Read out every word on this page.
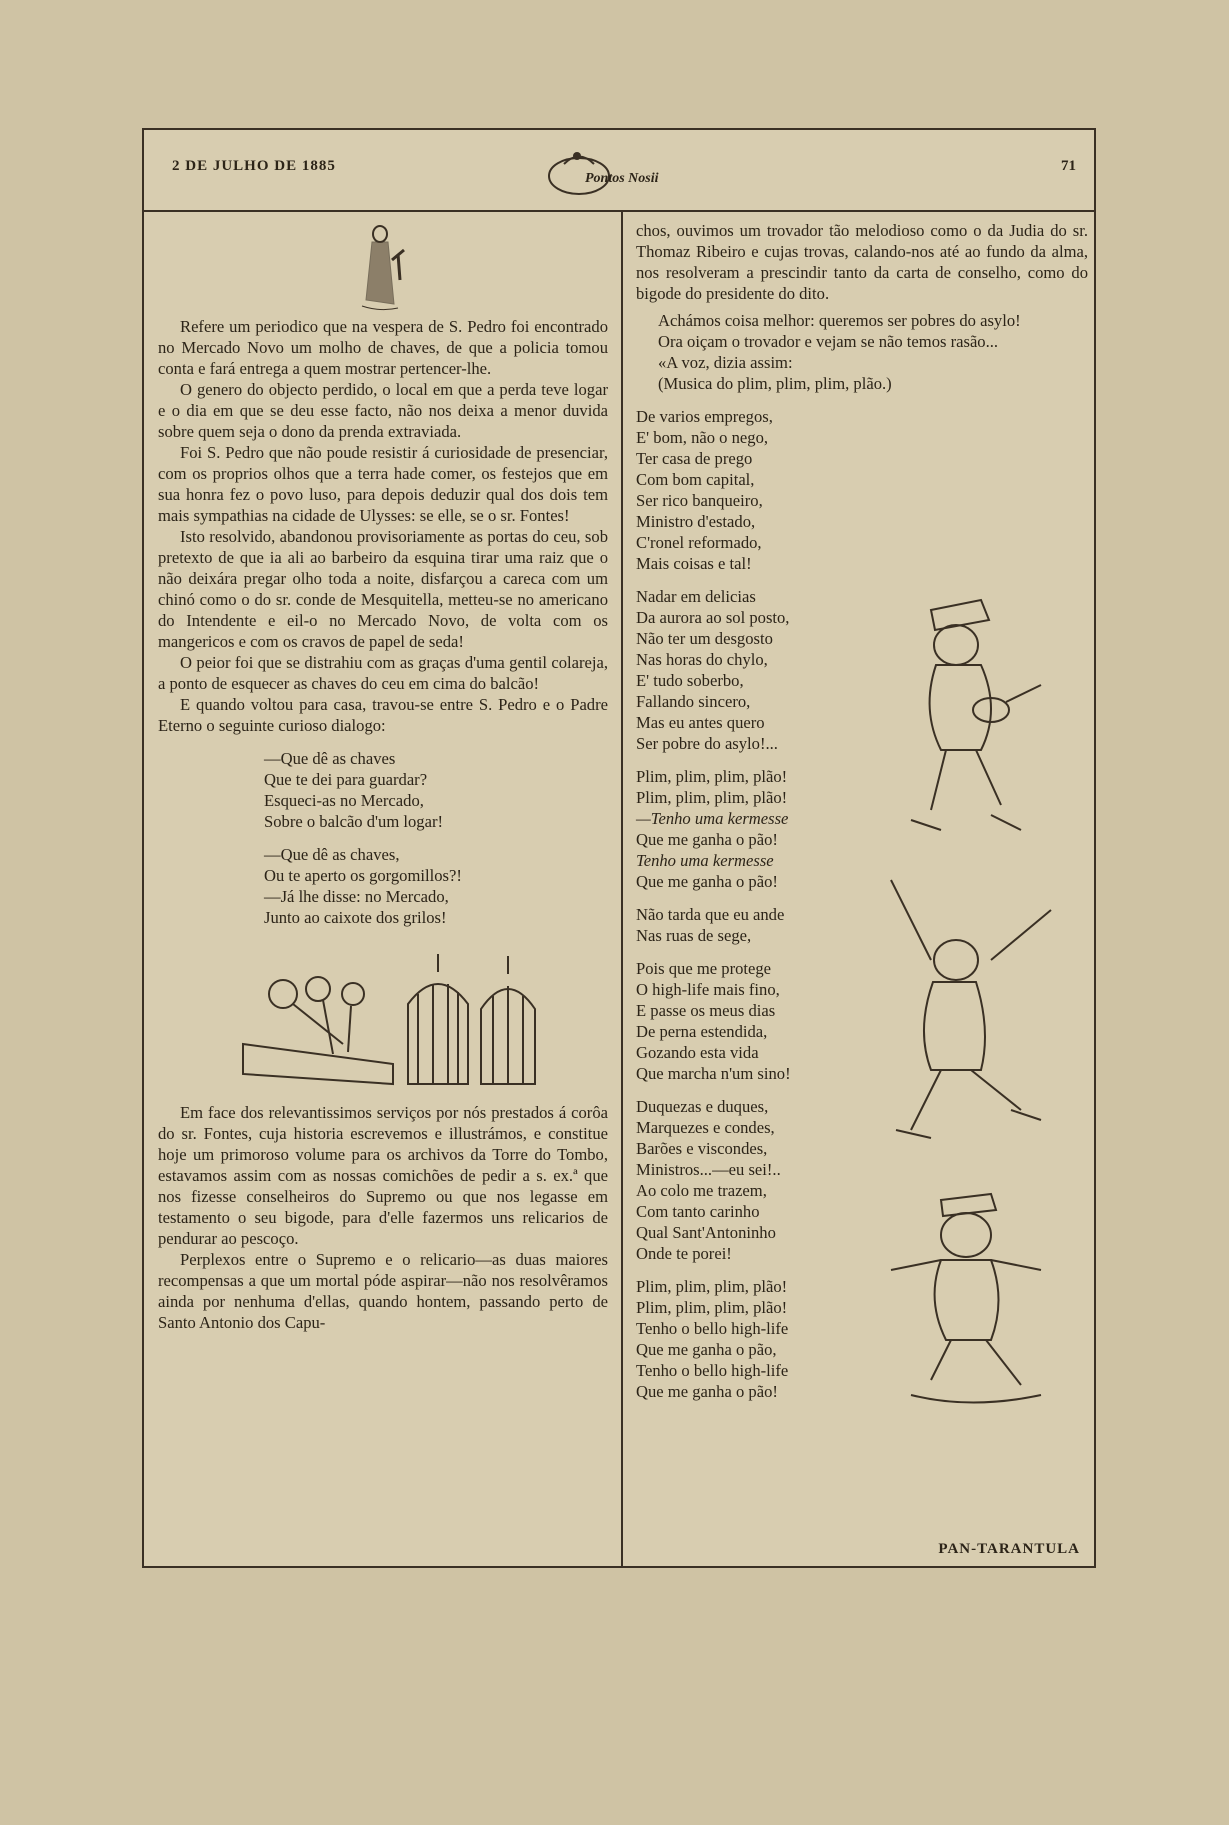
2 DE JULHO DE 1885
Pontos Nosii
71

Refere um periodico que na vespera de S. Pedro foi encontrado no Mercado Novo um molho de chaves, de que a policia tomou conta e fará entrega a quem mostrar pertencer-lhe.

O genero do objecto perdido, o local em que a perda teve logar e o dia em que se deu esse facto, não nos deixa a menor duvida sobre quem seja o dono da prenda extraviada.

Foi S. Pedro que não poude resistir á curiosidade de presenciar, com os proprios olhos que a terra hade comer, os festejos que em sua honra fez o povo luso, para depois deduzir qual dos dois tem mais sympathias na cidade de Ulysses: se elle, se o sr. Fontes!

Isto resolvido, abandonou provisoriamente as portas do ceu, sob pretexto de que ia ali ao barbeiro da esquina tirar uma raiz que o não deixára pregar olho toda a noite, disfarçou a careca com um chinó como o do sr. conde de Mesquitella, metteu-se no americano do Intendente e eil-o no Mercado Novo, de volta com os mangericos e com os cravos de papel de seda!

O peior foi que se distrahiu com as graças d'uma gentil colareja, a ponto de esquecer as chaves do ceu em cima do balcão!

E quando voltou para casa, travou-se entre S. Pedro e o Padre Eterno o seguinte curioso dialogo:

—Que dê as chaves
Que te dei para guardar?
Esqueci-as no Mercado,
Sobre o balcão d'um logar!
—Que dê as chaves,
Ou te aperto os gorgomillos?!
—Já lhe disse: no Mercado,
Junto ao caixote dos grilos!

Em face dos relevantissimos serviços por nós prestados á corôa do sr. Fontes, cuja historia escrevemos e illustrámos, e constitue hoje um primoroso volume para os archivos da Torre do Tombo, estavamos assim com as nossas comichões de pedir a s. ex.ª que nos fizesse conselheiros do Supremo ou que nos legasse em testamento o seu bigode, para d'elle fazermos uns relicarios de pendurar ao pescoço.

Perplexos entre o Supremo e o relicario—as duas maiores recompensas a que um mortal póde aspirar—não nos resolvêramos ainda por nenhuma d'ellas, quando hontem, passando perto de Santo Antonio dos Capu-

chos, ouvimos um trovador tão melodioso como o da Judia do sr. Thomaz Ribeiro e cujas trovas, calando-nos até ao fundo da alma, nos resolveram a prescindir tanto da carta de conselho, como do bigode do presidente do dito.

Achámos coisa melhor: queremos ser pobres do asylo!

Ora oiçam o trovador e vejam se não temos rasão...

«A voz, dizia assim:

(Musica do plim, plim, plim, plão.)

De varios empregos,
E' bom, não o nego,
Ter casa de prego
Com bom capital,
Ser rico banqueiro,
Ministro d'estado,
C'ronel reformado,
Mais coisas e tal!
Nadar em delicias
Da aurora ao sol posto,
Não ter um desgosto
Nas horas do chylo,
E' tudo soberbo,
Fallando sincero,
Mas eu antes quero
Ser pobre do asylo!...
Plim, plim, plim, plão!
Plim, plim, plim, plão!
—Tenho uma kermesse
Que me ganha o pão!
Tenho uma kermesse
Que me ganha o pão!
Não tarda que eu ande
Nas ruas de sege,
Pois que me protege
O high-life mais fino,
E passe os meus dias
De perna estendida,
Gozando esta vida
Que marcha n'um sino!
Duquezas e duques,
Marquezes e condes,
Barões e viscondes,
Ministros...—eu sei!..
Ao colo me trazem,
Com tanto carinho
Qual Sant'Antoninho
Onde te porei!
Plim, plim, plim, plão!
Plim, plim, plim, plão!
Tenho o bello high-life
Que me ganha o pão,
Tenho o bello high-life
Que me ganha o pão!
PAN-TARANTULA
